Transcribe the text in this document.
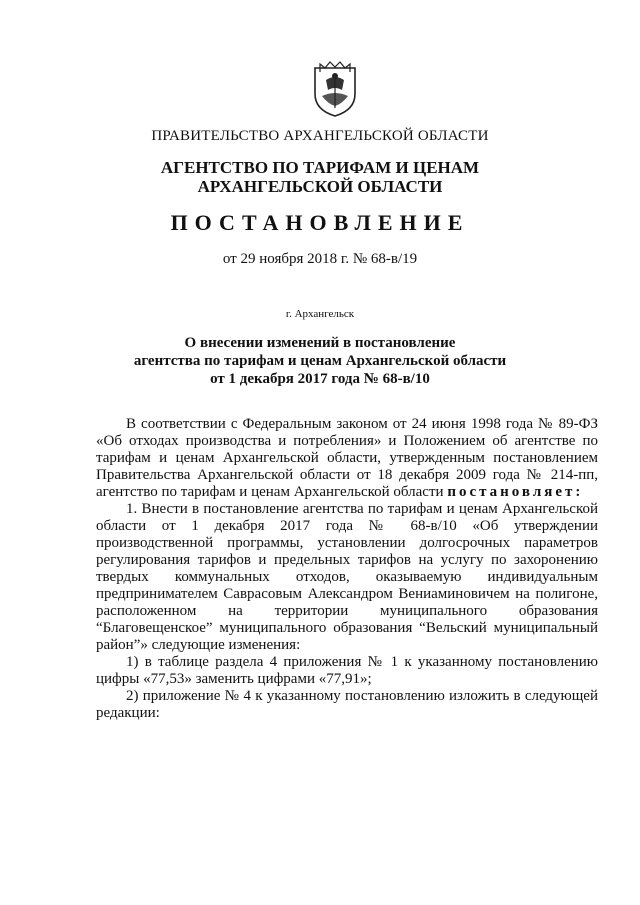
ПРАВИТЕЛЬСТВО АРХАНГЕЛЬСКОЙ ОБЛАСТИ
АГЕНТСТВО ПО ТАРИФАМ И ЦЕНАМ
АРХАНГЕЛЬСКОЙ ОБЛАСТИ
ПОСТАНОВЛЕНИЕ
от 29 ноября 2018 г. № 68-в/19
г. Архангельск
О внесении изменений в постановление
агентства по тарифам и ценам Архангельской области
от 1 декабря 2017 года № 68-в/10

В соответствии с Федеральным законом от 24 июня 1998 года № 89-ФЗ «Об отходах производства и потребления» и Положением об агентстве по тарифам и ценам Архангельской области, утвержденным постановлением Правительства Архангельской области от 18 декабря 2009 года № 214-пп, агентство по тарифам и ценам Архангельской области постановляет:

1. Внести в постановление агентства по тарифам и ценам Архангельской области от 1 декабря 2017 года № 68-в/10 «Об утверждении производственной программы, установлении долгосрочных параметров регулирования тарифов и предельных тарифов на услугу по захоронению твердых коммунальных отходов, оказываемую индивидуальным предпринимателем Саврасовым Александром Вениаминовичем на полигоне, расположенном на территории муниципального образования “Благовещенское” муниципального образования “Вельский муниципальный район”» следующие изменения:

1) в таблице раздела 4 приложения № 1 к указанному постановлению цифры «77,53» заменить цифрами «77,91»;

2) приложение № 4 к указанному постановлению изложить в следующей редакции:
